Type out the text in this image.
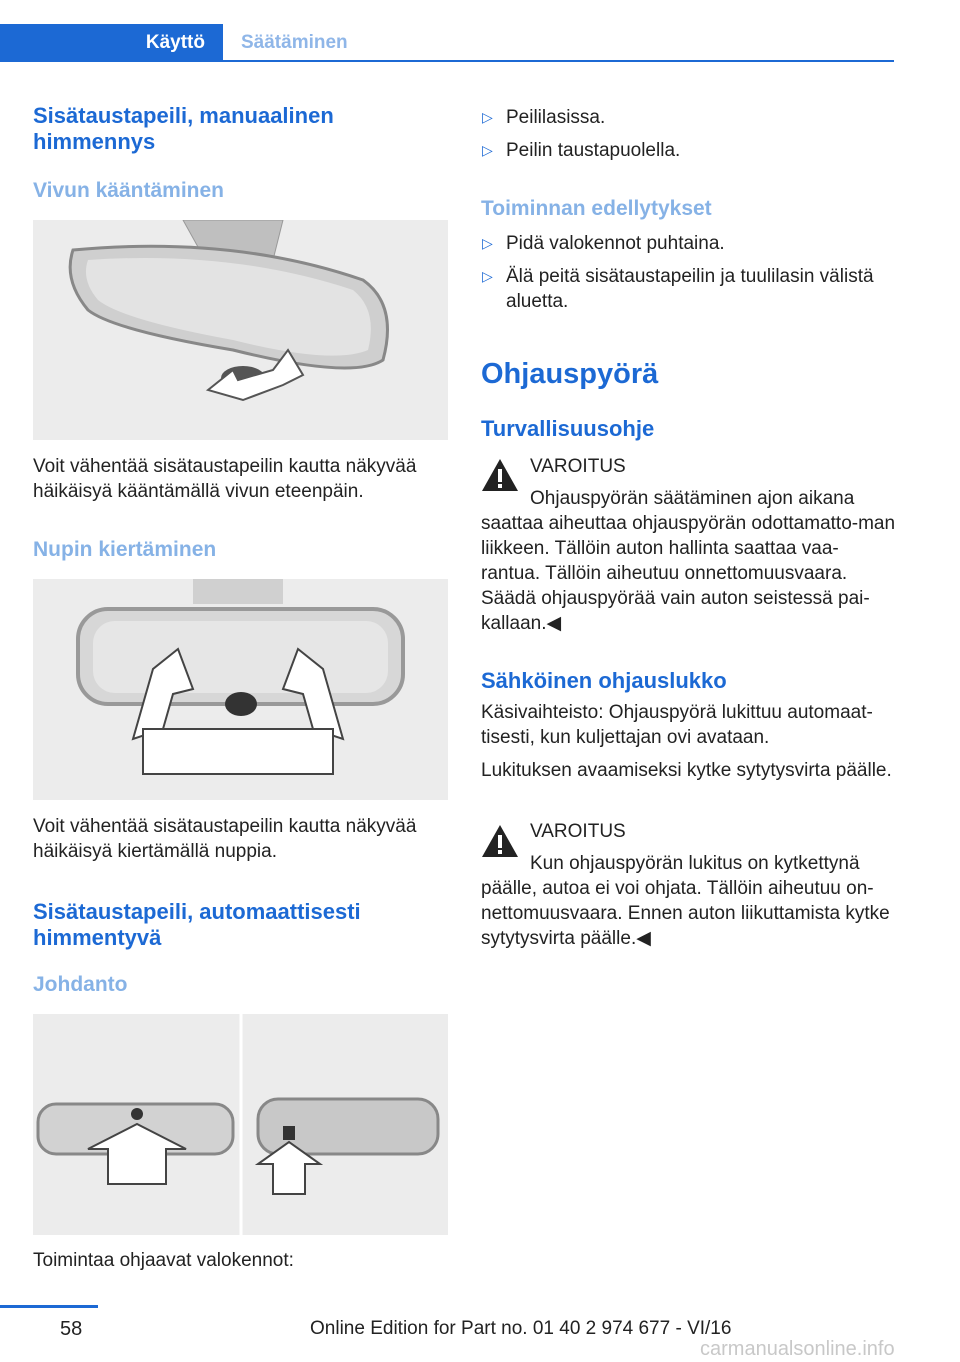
Käyttö	Säätäminen
Sisätaustapeili, manuaalinen himmennys
Vivun kääntäminen
Voit vähentää sisätaustapeilin kautta näkyvää häikäisyä kääntämällä vivun eteenpäin.
Nupin kiertäminen
Voit vähentää sisätaustapeilin kautta näkyvää häikäisyä kiertämällä nuppia.
Sisätaustapeili, automaattisesti himmentyvä
Johdanto
Toimintaa ohjaavat valokennot:
▷ Peililasissa.
▷ Peilin taustapuolella.
Toiminnan edellytykset
▷ Pidä valokennot puhtaina.
▷ Älä peitä sisätaustapeilin ja tuulilasin välistä aluetta.
Ohjauspyörä
Turvallisuusohje
VAROITUS
Ohjauspyörän säätäminen ajon aikana saattaa aiheuttaa ohjauspyörän odottamatto-man liikkeen. Tällöin auton hallinta saattaa vaa-rantua. Tällöin aiheutuu onnettomuusvaara. Säädä ohjauspyörää vain auton seistessä pai-kallaan.◀
Sähköinen ohjauslukko
Käsivaihteisto: Ohjauspyörä lukittuu automaat-tisesti, kun kuljettajan ovi avataan.
Lukituksen avaamiseksi kytke sytytysvirta päälle.
VAROITUS
Kun ohjauspyörän lukitus on kytkettynä päälle, autoa ei voi ohjata. Tällöin aiheutuu on-nettomuusvaara. Ennen auton liikuttamista kytke sytytysvirta päälle.◀
58	Online Edition for Part no. 01 40 2 974 677 - VI/16
carmanualsonline.info
